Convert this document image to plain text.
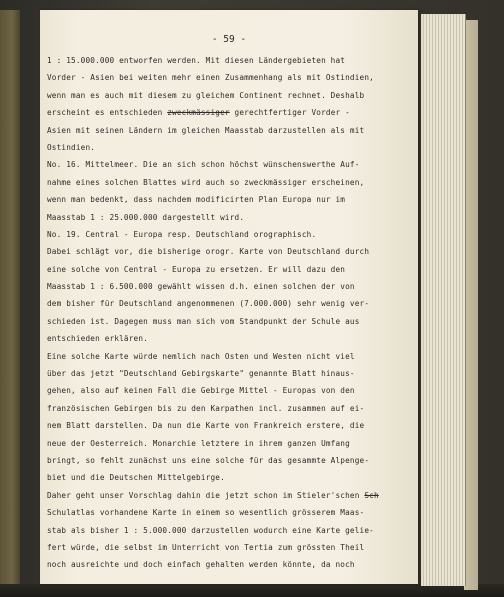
- 59 -
1 : 15.000.000 entworfen werden. Mit diesen Ländergebieten hat
Vorder - Asien bei weiten mehr einen Zusammenhang als mit Ostindien,
wenn man es auch mit diesem zu gleichem Continent rechnet. Deshalb
erscheint es entschieden zweckmässiger gerechtfertiger Vorder -
Asien mit seinen Ländern im gleichen Maasstab darzustellen als mit
Ostindien.
No. 16. Mittelmeer. Die an sich schon höchst wünschenswerthe Auf-
nahme eines solchen Blattes wird auch so zweckmässiger erscheinen,
wenn man bedenkt, dass nachdem modificirten Plan Europa nur im
Maasstab 1 : 25.000.000 dargestellt wird.
No. 19. Central - Europa resp. Deutschland orographisch.
Dabei schlägt vor, die bisherige orogr. Karte von Deutschland durch
eine solche von Central - Europa zu ersetzen. Er will dazu den
Maasstab 1 : 6.500.000 gewählt wissen d.h. einen solchen der von
dem bisher für Deutschland angenommenen (7.000.000) sehr wenig ver-
schieden ist. Dagegen muss man sich vom Standpunkt der Schule aus
entschieden erklären.
Eine solche Karte würde nemlich nach Osten und Westen nicht viel
über das jetzt "Deutschland Gebirgskarte" genannte Blatt hinaus-
gehen, also auf keinen Fall die Gebirge Mittel - Europas von den
französischen Gebirgen bis zu den Karpathen incl. zusammen auf ei-
nem Blatt darstellen. Da nun die Karte von Frankreich erstere, die
neue der Oesterreich. Monarchie letztere in ihrem ganzen Umfang
bringt, so fehlt zunächst uns eine solche für das gesammte Alpenge-
biet und die Deutschen Mittelgebirge.
Daher geht unser Vorschlag dahin die jetzt schon im Stieler'schen Sch
Schulatlas vorhandene Karte in einem so wesentlich grösserem Maas-
stab als bisher 1 : 5.000.000 darzustellen wodurch eine Karte gelie-
fert würde, die selbst im Unterricht von Tertia zum grössten Theil
noch ausreichte und doch einfach gehalten werden könnte, da noch
